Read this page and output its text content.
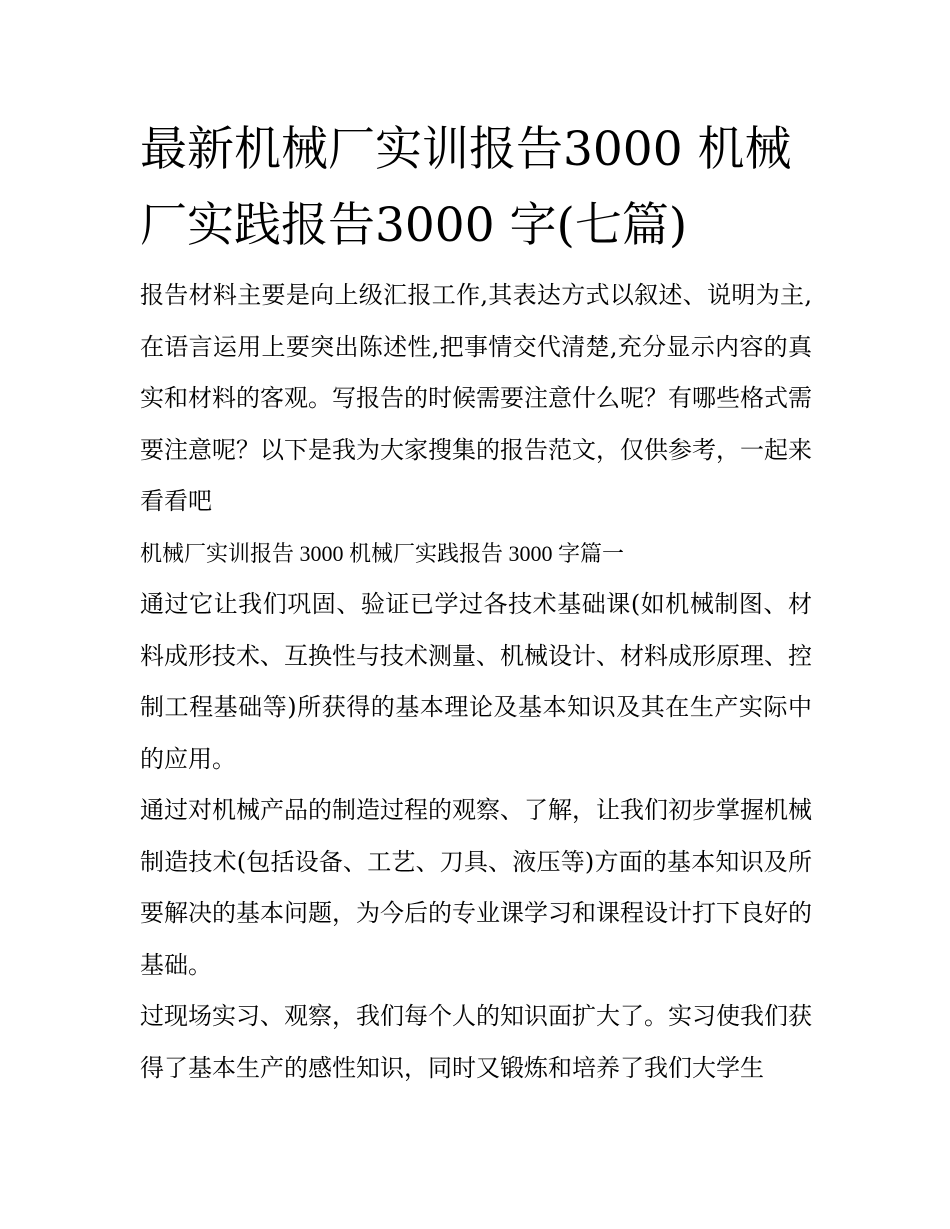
最新机械厂实训报告3000 机械厂实践报告3000 字(七篇)

报告材料主要是向上级汇报工作,其表达方式以叙述、说明为主,在语言运用上要突出陈述性,把事情交代清楚,充分显示内容的真实和材料的客观。写报告的时候需要注意什么呢？有哪些格式需要注意呢？以下是我为大家搜集的报告范文，仅供参考，一起来看看吧

机械厂实训报告 3000 机械厂实践报告 3000 字篇一

通过它让我们巩固、验证已学过各技术基础课(如机械制图、材料成形技术、互换性与技术测量、机械设计、材料成形原理、控制工程基础等)所获得的基本理论及基本知识及其在生产实际中的应用。

通过对机械产品的制造过程的观察、了解，让我们初步掌握机械制造技术(包括设备、工艺、刀具、液压等)方面的基本知识及所要解决的基本问题，为今后的专业课学习和课程设计打下良好的基础。

过现场实习、观察，我们每个人的知识面扩大了。实习使我们获得了基本生产的感性知识，同时又锻炼和培养了我们大学生
